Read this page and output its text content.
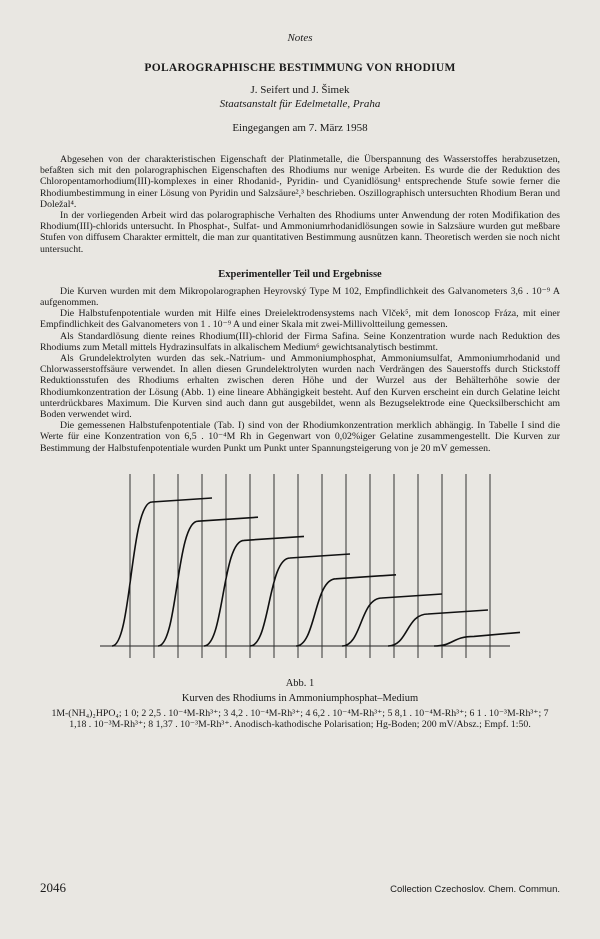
Notes
POLAROGRAPHISCHE BESTIMMUNG VON RHODIUM
J. Seifert und J. Šimek
Staatsanstalt für Edelmetalle, Praha
Eingegangen am 7. März 1958

Abgesehen von der charakteristischen Eigenschaft der Platinmetalle, die Überspannung des Wasserstoffes herabzusetzen, befaßten sich mit den polarographischen Eigenschaften des Rhodiums nur wenige Arbeiten. Es wurde die der Reduktion des Chloropentamorhodium(III)-komplexes in einer Rhodanid-, Pyridin- und Cyanidlösung¹ entsprechende Stufe sowie ferner die Rhodiumbestimmung in einer Lösung von Pyridin und Salzsäure²,³ beschrieben. Oszillographisch untersuchten Rhodium Beran und Doležal⁴.

In der vorliegenden Arbeit wird das polarographische Verhalten des Rhodiums unter Anwendung der roten Modifikation des Rhodium(III)-chlorids untersucht. In Phosphat-, Sulfat- und Ammoniumrhodanidlösungen sowie in Salzsäure wurden gut meßbare Stufen von diffusem Charakter ermittelt, die man zur quantitativen Bestimmung ausnützen kann. Theoretisch werden sie noch nicht untersucht.

Experimenteller Teil und Ergebnisse

Die Kurven wurden mit dem Mikropolarographen Heyrovský Type M 102, Empfindlichkeit des Galvanometers 3,6 . 10⁻⁹ A aufgenommen.

Die Halbstufenpotentiale wurden mit Hilfe eines Dreielektrodensystems nach Vlček⁵, mit dem Ionoscop Fráza, mit einer Empfindlichkeit des Galvanometers von 1 . 10⁻⁹ A und einer Skala mit zwei-Millivoltteilung gemessen.

Als Standardlösung diente reines Rhodium(III)-chlorid der Firma Safina. Seine Konzentration wurde nach Reduktion des Rhodiums zum Metall mittels Hydrazinsulfats in alkalischem Medium⁶ gewichtsanalytisch bestimmt.

Als Grundelektrolyten wurden das sek.-Natrium- und Ammoniumphosphat, Ammoniumsulfat, Ammoniumrhodanid und Chlorwasserstoffsäure verwendet. In allen diesen Grundelektrolyten wurden nach Verdrängen des Sauerstoffs durch Stickstoff Reduktionsstufen des Rhodiums erhalten zwischen deren Höhe und der Wurzel aus der Behälterhöhe sowie der Rhodiumkonzentration der Lösung (Abb. 1) eine lineare Abhängigkeit besteht. Auf den Kurven erscheint ein durch Gelatine leicht unterdrückbares Maximum. Die Kurven sind auch dann gut ausgebildet, wenn als Bezugselektrode eine Quecksilberschicht am Boden verwendet wird.

Die gemessenen Halbstufenpotentiale (Tab. I) sind von der Rhodiumkonzentration merklich abhängig. In Tabelle I sind die Werte für eine Konzentration von 6,5 . 10⁻⁴M Rh in Gegenwart von 0,02%iger Gelatine zusammengestellt. Die Kurven zur Bestimmung der Halbstufenpotentiale wurden Punkt um Punkt unter Spannungsteigerung von je 20 mV gemessen.

Abb. 1
Kurven des Rhodiums in Ammoniumphosphat–Medium
1M-(NH₄)₂HPO₄; 1 0; 2 2,5 . 10⁻⁴M-Rh³⁺; 3 4,2 . 10⁻⁴M-Rh³⁺; 4 6,2 . 10⁻⁴M-Rh³⁺; 5 8,1 . 10⁻⁴M-Rh³⁺; 6 1 . 10⁻³M-Rh³⁺; 7 1,18 . 10⁻³M-Rh³⁺; 8 1,37 . 10⁻³M-Rh³⁺. Anodisch-kathodische Polarisation; Hg-Boden; 200 mV/Absz.; Empf. 1:50.
2046	Collection Czechoslov. Chem. Commun.
